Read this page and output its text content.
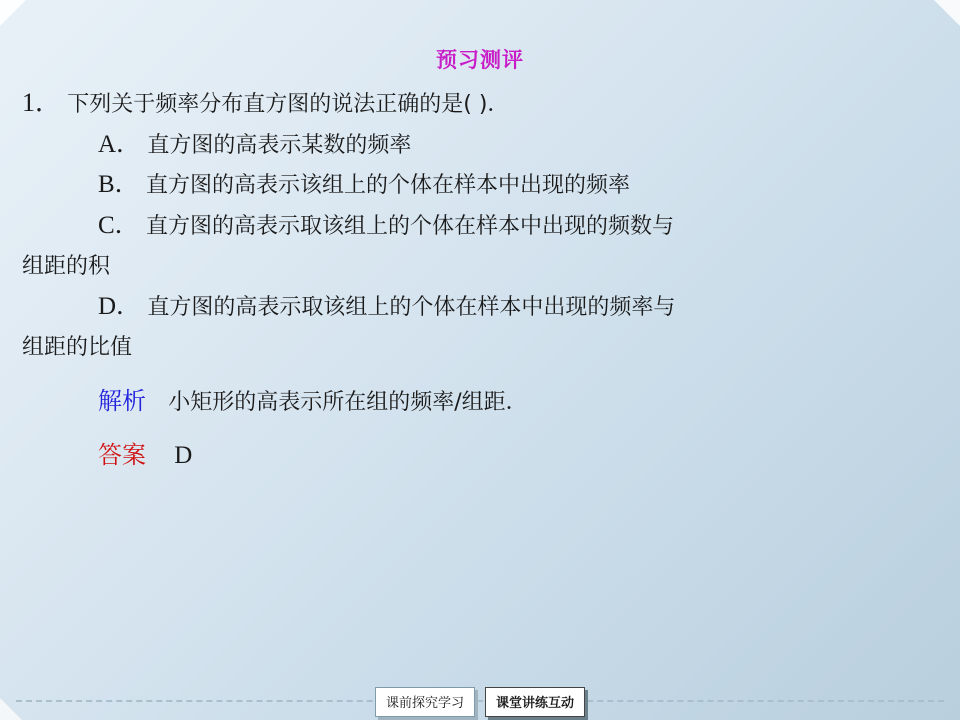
预习测评
1． 下列关于频率分布直方图的说法正确的是( )．
A． 直方图的高表示某数的频率
B． 直方图的高表示该组上的个体在样本中出现的频率
C． 直方图的高表示取该组上的个体在样本中出现的频数与
组距的积
D． 直方图的高表示取该组上的个体在样本中出现的频率与
组距的比值
解析 小矩形的高表示所在组的频率/组距．
答案 D
课前探究学习	课堂讲练互动
